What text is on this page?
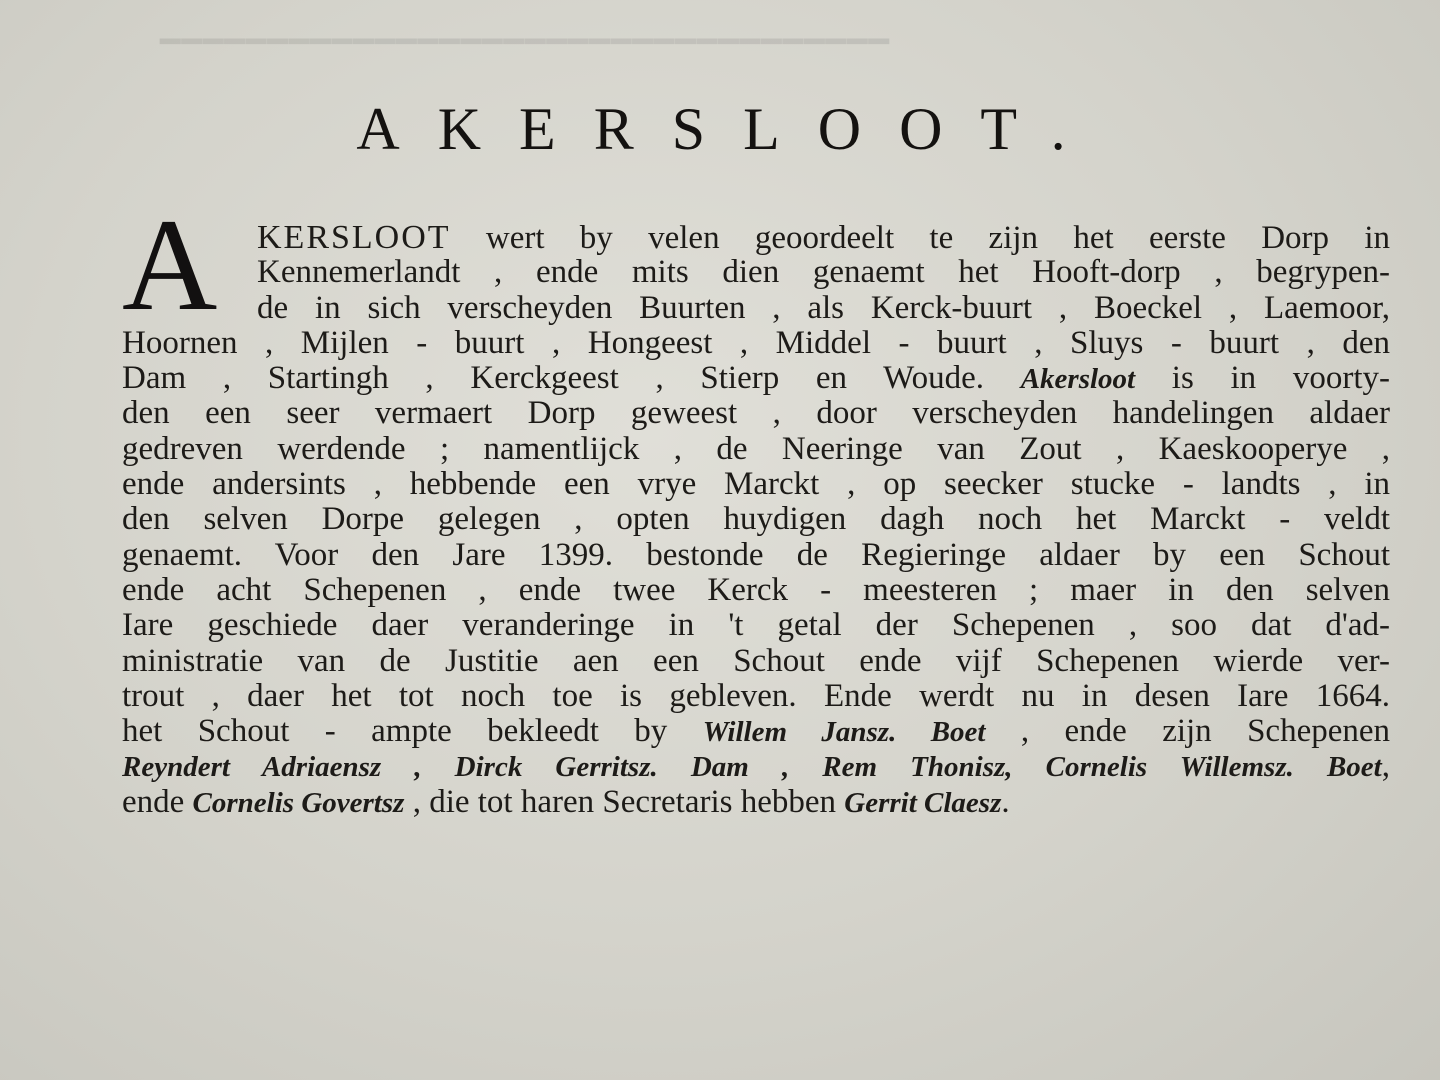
AKERSLOOT.
A	KERSLOOT wert by velen geoordeelt te zijn het eerste Dorp in
Kennemerlandt , ende mits dien genaemt het Hooft-dorp , begrypen-
de in sich verscheyden Buurten , als Kerck-buurt , Boeckel , Laemoor,
Hoornen , Mijlen - buurt , Hongeest , Middel - buurt , Sluys - buurt , den
Dam , Startingh , Kerckgeest , Stierp en Woude. Akersloot is in voorty-
den een seer vermaert Dorp geweest , door verscheyden handelingen aldaer
gedreven werdende ; namentlijck , de Neeringe van Zout , Kaeskooperye ,
ende andersints , hebbende een vrye Marckt , op seecker stucke - landts , in
den selven Dorpe gelegen , opten huydigen dagh noch het Marckt - veldt
genaemt. Voor den Jare 1399. bestonde de Regieringe aldaer by een Schout
ende acht Schepenen , ende twee Kerck - meesteren ; maer in den selven
Iare geschiede daer veranderinge in 't getal der Schepenen , soo dat d'ad-
ministratie van de Justitie aen een Schout ende vijf Schepenen wierde ver-
trout , daer het tot noch toe is gebleven. Ende werdt nu in desen Iare 1664.
het Schout - ampte bekleedt by Willem Jansz. Boet , ende zijn Schepenen
Reyndert Adriaensz , Dirck Gerritsz. Dam , Rem Thonisz, Cornelis Willemsz. Boet,
ende Cornelis Govertsz , die tot haren Secretaris hebben Gerrit Claesz.
